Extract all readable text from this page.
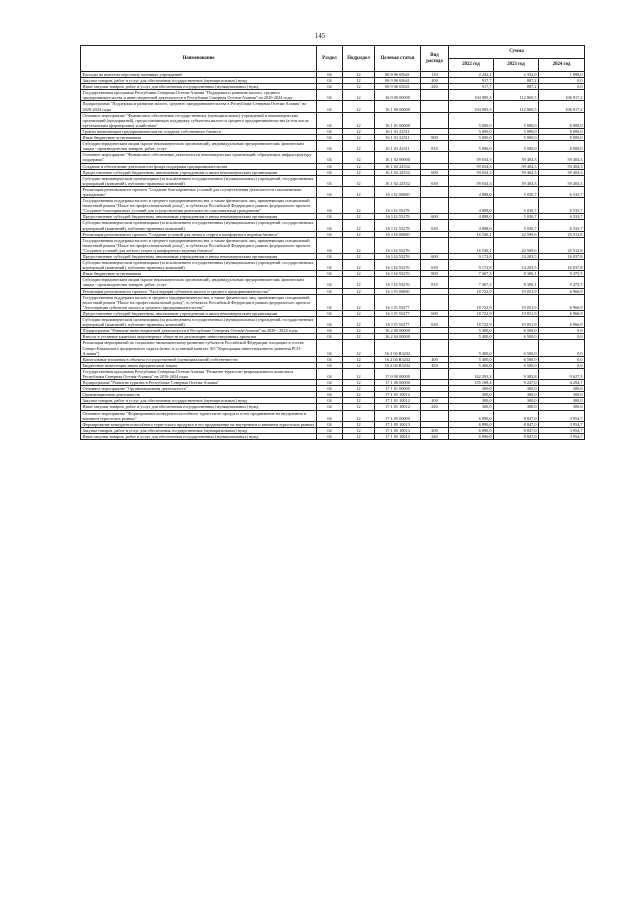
145
Наименование	Раздел	Подраздел	Целевая статья	Вид расхода	Сумма		
					2022 год	2023 год	2024 год
Расходы на выплаты персоналу казенных учреждений	04	12	06 9 06 65641	110	2 242,1	2 332,0	1 898,0
Закупка товаров, работ и услуг для обеспечения государственных (муниципальных) нужд	04	12	06 9 06 65641	200	917,7	887,2	0,0
Иные закупки товаров, работ и услуг для обеспечения государственных (муниципальных) нужд	04	12	06 9 06 65641	240	917,7	887,2	0,0
Государственная программа Республики Северная Осетия-Алания "Поддержка и развитие малого, среднего предпринимательства и инвестиционной деятельности в Республике Северная Осетия-Алания" на 2020-2024 годы	04	12	16 0 00 00000		104 985,3	112 869,5	106 917,2
Подпрограмма "Поддержка и развитие малого, среднего предпринимательства в Республике Северная Осетия-Алания" на 2020-2024 годы	04	12	16 1 00 00000		104 985,3	112 869,5	106 917,2
Основное мероприятие "Финансовое обеспечение государственных (муниципальных) учреждений и некоммерческих организаций (предприятий), предоставляющих поддержку субъектам малого и среднего предпринимательства (в том числе крестьянским (фермерским) хозяйствам"	04	12	16 1 01 00000		5 000,0	5 000,0	8 000,0
Гранты начинающим предпринимателям на создание собственного бизнеса	04	12	16 1 01 22511		5 000,0	5 000,0	8 000,0
Иные бюджетные ассигнования	04	12	16 1 01 22511	800	5 000,0	5 000,0	8 000,0
Субсидии юридическим лицам (кроме некоммерческих организаций), индивидуальным предпринимателям, физическим лицам - производителям товаров, работ, услуг	04	12	16 1 01 22511	810	5 000,0	5 000,0	8 000,0
Основное мероприятие "Финансовое обеспечение деятельности некоммерческих организаций, образующих инфраструктуру поддержки"	04	12	16 1 02 00000		59 034,3	59 404,3	59 404,3
Создание и обеспечение деятельности фонда поддержки предпринимательства	04	12	16 1 02 22532		59 034,3	59 404,3	59 404,3
Предоставление субсидий бюджетным, автономным учреждениям и иным некоммерческим организациям	04	12	16 1 02 22532	600	59 034,3	59 404,3	59 404,3
Субсидии некоммерческим организациям (за исключением государственных (муниципальных) учреждений, государственных корпораций (компаний), публично-правовых компаний)	04	12	16 1 02 22532	630	59 034,3	59 404,3	59 404,3
Реализация регионального проекта "Создание благоприятных условий для осуществления деятельности самозанятыми гражданами"	04	12	16 1 I2 00000		4 888,0	5 030,7	6 533,7
Государственная поддержка малого и среднего предпринимательства, а также физических лиц, применяющих специальный налоговый режим "Налог на профессиональный доход", в субъектах Российской Федерации в рамках федерального проекта "Создание благоприятных условий для осуществления деятельности самозанятыми гражданами"	04	12	16 1 I2 55278		4 888,0	5 030,7	6 533,7
Предоставление субсидий бюджетным, автономным учреждениям и иным некоммерческим организациям	04	12	16 1 I2 55278	600	4 888,0	5 030,7	6 533,7
Субсидии некоммерческим организациям (за исключением государственных (муниципальных) учреждений, государственных корпораций (компаний), публично-правовых компаний)	04	12	16 1 I2 55278	630	4 888,0	5 030,7	6 533,7
Реализация регионального проекта "Создание условий для легкого старта и комфортного ведения бизнеса"	04	12	16 1 I4 00000		16 540,1	22 509,6	25 512,8
Государственная поддержка малого и среднего предпринимательства, а также физических лиц, применяющих специальный налоговый режим "Налог на профессиональный доход", в субъектах Российской Федерации в рамках федерального проекта "Создание условий для легкого старта и комфортного ведения бизнеса"	04	12	16 1 I4 55276		16 540,1	22 509,6	25 512,8
Предоставление субсидий бюджетным, автономным учреждениям и иным некоммерческим организациям	04	12	16 1 I4 55276	600	9 172,8	14 203,5	16 037,8
Субсидии некоммерческим организациям (за исключением государственных (муниципальных) учреждений, государственных корпораций (компаний), публично-правовых компаний)	04	12	16 1 I4 55276	630	9 172,8	14 203,5	16 037,8
Иные бюджетные ассигнования	04	12	16 1 I4 55276	800	7 367,3	8 306,1	9 475,5
Субсидии юридическим лицам (кроме некоммерческих организаций), индивидуальным предпринимателям, физическим лицам - производителям товаров, работ, услуг	04	12	16 1 I4 55276	810	7 367,3	8 306,1	9 475,5
Реализация регионального проекта "Акселерация субъектов малого и среднего предпринимательства"	04	12	16 1 I5 00000		18 722,9	19 051,9	6 966,9
Государственная поддержка малого и среднего предпринимательства, а также физических лиц, применяющих специальный налоговый режим "Налог на профессиональный доход", в субъектах Российской Федерации в рамках федерального проекта "Акселерация субъектов малого и среднего предпринимательства"	04	12	16 1 I5 55277		18 722,9	19 051,9	6 966,9
Предоставление субсидий бюджетным, автономным учреждениям и иным некоммерческим организациям	04	12	16 1 I5 55277	600	18 722,9	19 051,9	6 966,9
Субсидии некоммерческим организациям (за исключением государственных (муниципальных) учреждений, государственных корпораций (компаний), публично-правовых компаний)	04	12	16 1 I5 55277	630	18 722,9	19 051,9	6 966,9
Подпрограмма "Развитие инвестиционной деятельности в Республике Северная Осетия-Алания" на 2020 - 2024 годы	04	12	16 2 00 00000		5 400,0	6 500,0	0,0
Взносы в уставные капиталы акционерных обществ на реализацию инвестиционных проектов	04	12	16 2 04 00000		5 400,0	6 500,0	0,0
Реализация мероприятий по социально-экономическому развитию субъектов Российской Федерации, входящих в состав Северо-Кавказского федерального округа (взнос в уставный капитал АО "Корпорация инвестиционного развития РСО-Алания")	04	12	16 2 04 R3232		5 400,0	6 500,0	0,0
Капитальные вложения в объекты государственной (муниципальной) собственности	04	12	16 2 04 R3232	400	5 400,0	6 500,0	0,0
Бюджетные инвестиции иным юридическим лицам	04	12	16 2 04 R3232	450	5 400,0	6 500,0	0,0
Государственная программа Республики Северная Осетия-Алания "Развитие туристско-рекреационного комплекса Республики Северная Осетия-Алания" на 2016-2024 годы	04	12	17 0 00 00000		162 293,3	9 383,8	9 627,5
Подпрограмма "Развитие туризма в Республике Северная Осетия-Алания"	04	12	17 1 00 00000		155 108,4	9 247,0	4 254,7
Основное мероприятие "Организационная деятельность"	04	12	17 1 01 00000		300,0	300,0	300,0
Организационная деятельность	04	12	17 1 01 10012		300,0	300,0	300,0
Закупка товаров, работ и услуг для обеспечения государственных (муниципальных) нужд	04	12	17 1 01 10012	200	300,0	300,0	300,0
Иные закупки товаров, работ и услуг для обеспечения государственных (муниципальных) нужд	04	12	17 1 01 10012	240	300,0	300,0	300,0
Основное мероприятие "Формирование конкурентоспособного туристского продукта и его продвижение на внутреннем и внешнем туристских рынках"	04	12	17 1 05 00000		6 890,0	8 847,0	3 954,7
Формирование конкурентоспособного туристского продукта и его продвижение на внутреннем и внешнем туристских рынках	04	12	17 1 05 10013		6 890,0	8 847,0	3 954,7
Закупка товаров, работ и услуг для обеспечения государственных (муниципальных) нужд	04	12	17 1 05 10013	200	6 890,0	8 847,0	3 954,7
Иные закупки товаров, работ и услуг для обеспечения государственных (муниципальных) нужд	04	12	17 1 05 10013	240	6 890,0	8 847,0	3 954,7
